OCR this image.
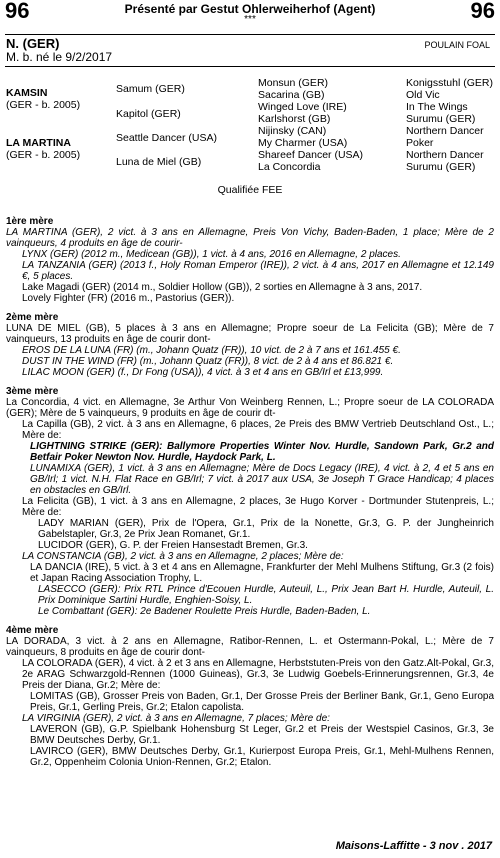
96	Présenté par Gestut Ohlerweiherhof (Agent)
***	96
N. (GER)
M. b. né le 9/2/2017
POULAIN FOAL
KAMSIN
(GER - b. 2005)
LA MARTINA
(GER - b. 2005)
Samum (GER)
Kapitol (GER)
Seattle Dancer (USA)
Luna de Miel (GB)
Monsun (GER)
Sacarina (GB)
Winged Love (IRE)
Karlshorst (GB)
Nijinsky (CAN)
My Charmer (USA)
Shareef Dancer (USA)
La Concordia
Konigsstuhl (GER)
Old Vic
In The Wings
Surumu (GER)
Northern Dancer
Poker
Northern Dancer
Surumu (GER)
Qualifiée FEE
1ère mère

LA MARTINA (GER), 2 vict. à 3 ans en Allemagne, Preis Von Vichy, Baden-Baden, 1 place; Mère de 2 vainqueurs, 4 produits en âge de courir-

LYNX (GER) (2012 m., Medicean (GB)), 1 vict. à 4 ans, 2016 en Allemagne, 2 places.

LA TANZANIA (GER) (2013 f., Holy Roman Emperor (IRE)), 2 vict. à 4 ans, 2017 en Allemagne et 12.149 €, 5 places.

Lake Magadi (GER) (2014 m., Soldier Hollow (GB)), 2 sorties en Allemagne à 3 ans, 2017.

Lovely Fighter (FR) (2016 m., Pastorius (GER)).

2ème mère

LUNA DE MIEL (GB), 5 places à 3 ans en Allemagne; Propre soeur de La Felicita (GB); Mère de 7 vainqueurs, 13 produits en âge de courir dont-

EROS DE LA LUNA (FR) (m., Johann Quatz (FR)), 10 vict. de 2 à 7 ans et 161.455 €.

DUST IN THE WIND (FR) (m., Johann Quatz (FR)), 8 vict. de 2 à 4 ans et 86.821 €.

LILAC MOON (GER) (f., Dr Fong (USA)), 4 vict. à 3 et 4 ans en GB/Irl et £13,999.

3ème mère

La Concordia, 4 vict. en Allemagne, 3e Arthur Von Weinberg Rennen, L.; Propre soeur de LA COLORADA (GER); Mère de 5 vainqueurs, 9 produits en âge de courir dt-

La Capilla (GB), 2 vict. à 3 ans en Allemagne, 6 places, 2e Preis des BMW Vertrieb Deutschland Ost., L.; Mère de:

LIGHTNING STRIKE (GER): Ballymore Properties Winter Nov. Hurdle, Sandown Park, Gr.2 and Betfair Poker Newton Nov. Hurdle, Haydock Park, L.

LUNAMIXA (GER), 1 vict. à 3 ans en Allemagne; Mère de Docs Legacy (IRE), 4 vict. à 2, 4 et 5 ans en GB/Irl; 1 vict. N.H. Flat Race en GB/Irl; 7 vict. à 2017 aux USA, 3e Joseph T Grace Handicap; 4 places en obstacles en GB/Irl.

La Felicita (GB), 1 vict. à 3 ans en Allemagne, 2 places, 3e Hugo Korver - Dortmunder Stutenpreis, L.; Mère de:

LADY MARIAN (GER), Prix de l'Opera, Gr.1, Prix de la Nonette, Gr.3, G. P. der Jungheinrich Gabelstapler, Gr.3, 2e Prix Jean Romanet, Gr.1.

LUCIDOR (GER), G. P. der Freien Hansestadt Bremen, Gr.3.

LA CONSTANCIA (GB), 2 vict. à 3 ans en Allemagne, 2 places; Mère de:

LA DANCIA (IRE), 5 vict. à 3 et 4 ans en Allemagne, Frankfurter der Mehl Mulhens Stiftung, Gr.3 (2 fois) et Japan Racing Association Trophy, L.

LASECCO (GER): Prix RTL Prince d'Ecouen Hurdle, Auteuil, L., Prix Jean Bart H. Hurdle, Auteuil, L. Prix Dominique Sartini Hurdle, Enghien-Soisy, L.

Le Combattant (GER): 2e Badener Roulette Preis Hurdle, Baden-Baden, L.

4ème mère

LA DORADA, 3 vict. à 2 ans en Allemagne, Ratibor-Rennen, L. et Ostermann-Pokal, L.; Mère de 7 vainqueurs, 8 produits en âge de courir dont-

LA COLORADA (GER), 4 vict. à 2 et 3 ans en Allemagne, Herbststuten-Preis von den Gatz.Alt-Pokal, Gr.3, 2e ARAG Schwarzgold-Rennen (1000 Guineas), Gr.3, 3e Ludwig Goebels-Erinnerungsrennen, Gr.3, 4e Preis der Diana, Gr.2; Mère de:

LOMITAS (GB), Grosser Preis von Baden, Gr.1, Der Grosse Preis der Berliner Bank, Gr.1, Geno Europa Preis, Gr.1, Gerling Preis, Gr.2; Etalon capolista.

LA VIRGINIA (GER), 2 vict. à 3 ans en Allemagne, 7 places; Mère de:

LAVERON (GB), G.P. Spielbank Hohensburg St Leger, Gr.2 et Preis der Westspiel Casinos, Gr.3, 3e BMW Deutsches Derby, Gr.1.

LAVIRCO (GER), BMW Deutsches Derby, Gr.1, Kurierpost Europa Preis, Gr.1, Mehl-Mulhens Rennen, Gr.2, Oppenheim Colonia Union-Rennen, Gr.2; Etalon.

Maisons-Laffitte - 3 nov . 2017
